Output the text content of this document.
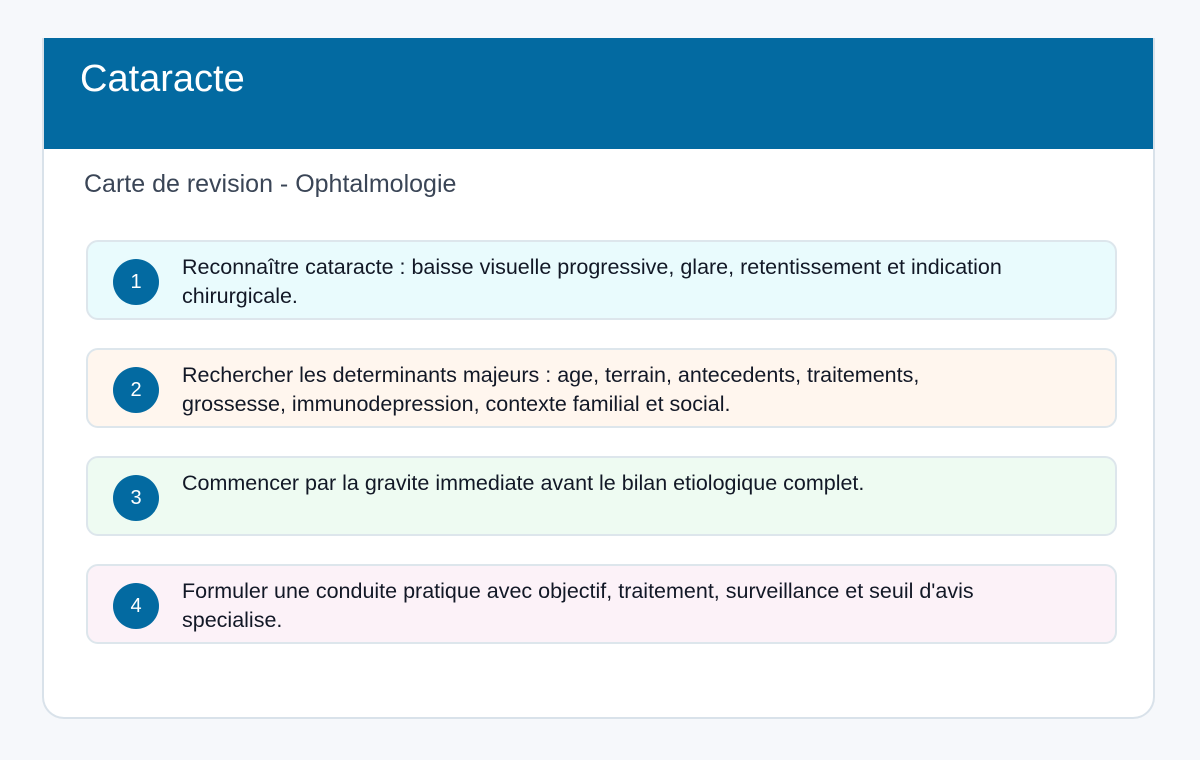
Cataracte
Carte de revision - Ophtalmologie
1
Reconnaître cataracte : baisse visuelle progressive, glare, retentissement et indication chirurgicale.
2
Rechercher les determinants majeurs : age, terrain, antecedents, traitements, grossesse, immunodepression, contexte familial et social.
3
Commencer par la gravite immediate avant le bilan etiologique complet.
4
Formuler une conduite pratique avec objectif, traitement, surveillance et seuil d'avis specialise.
